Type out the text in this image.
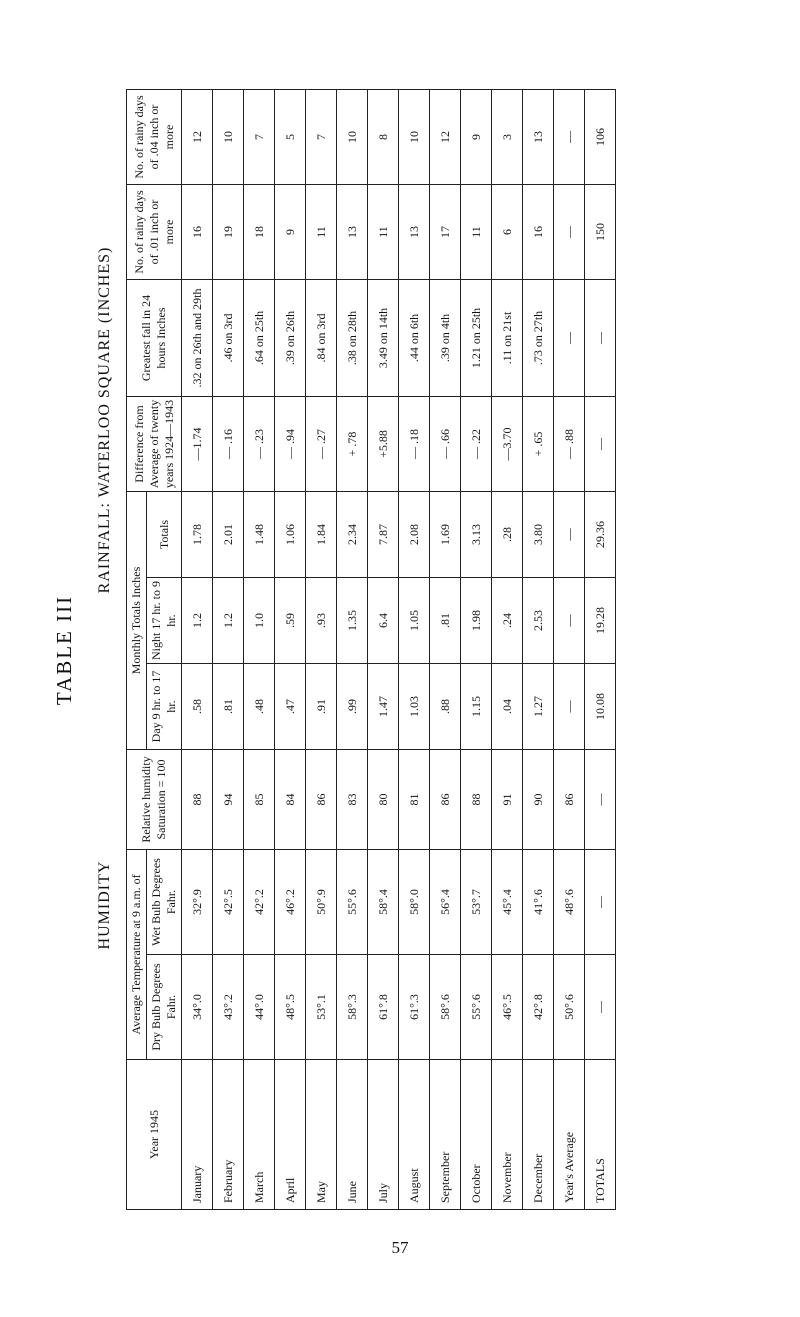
TABLE III
HUMIDITY
RAINFALL: WATERLOO SQUARE (INCHES)
Year 1945	Average Temperature at 9 a.m. of		Relative humidity Saturation = 100	Monthly Totals Inches			Difference from Average of twenty years 1924—1943	Greatest fall in 24 hours Inches	No. of rainy days of .01 inch or more	No. of rainy days of .04 inch or more
	Dry Bulb Degrees Fahr.	Wet Bulb Degrees Fahr.		Day 9 hr. to 17 hr.	Night 17 hr. to 9 hr.	Totals				
January	34°.0	32°.9	88	.58	1.2	1.78	—1.74	.32 on 26th and 29th	16	12
February	43°.2	42°.5	94	.81	1.2	2.01	— .16	.46 on 3rd	19	10
March	44°.0	42°.2	85	.48	1.0	1.48	— .23	.64 on 25th	18	7
April	48°.5	46°.2	84	.47	.59	1.06	— .94	.39 on 26th	9	5
May	53°.1	50°.9	86	.91	.93	1.84	— .27	.84 on 3rd	11	7
June	58°.3	55°.6	83	.99	1.35	2.34	+ .78	.38 on 28th	13	10
July	61°.8	58°.4	80	1.47	6.4	7.87	+5.88	3.49 on 14th	11	8
August	61°.3	58°.0	81	1.03	1.05	2.08	— .18	.44 on 6th	13	10
September	58°.6	56°.4	86	.88	.81	1.69	— .66	.39 on 4th	17	12
October	55°.6	53°.7	88	1.15	1.98	3.13	— .22	1.21 on 25th	11	9
November	46°.5	45°.4	91	.04	.24	.28	—3.70	.11 on 21st	6	3
December	42°.8	41°.6	90	1.27	2.53	3.80	+ .65	.73 on 27th	16	13
Year's Average	50°.6	48°.6	86	—	—	—	— .88	—	—	—
TOTALS	—	—	—	10.08	19.28	29.36	—	—	150	106
57
